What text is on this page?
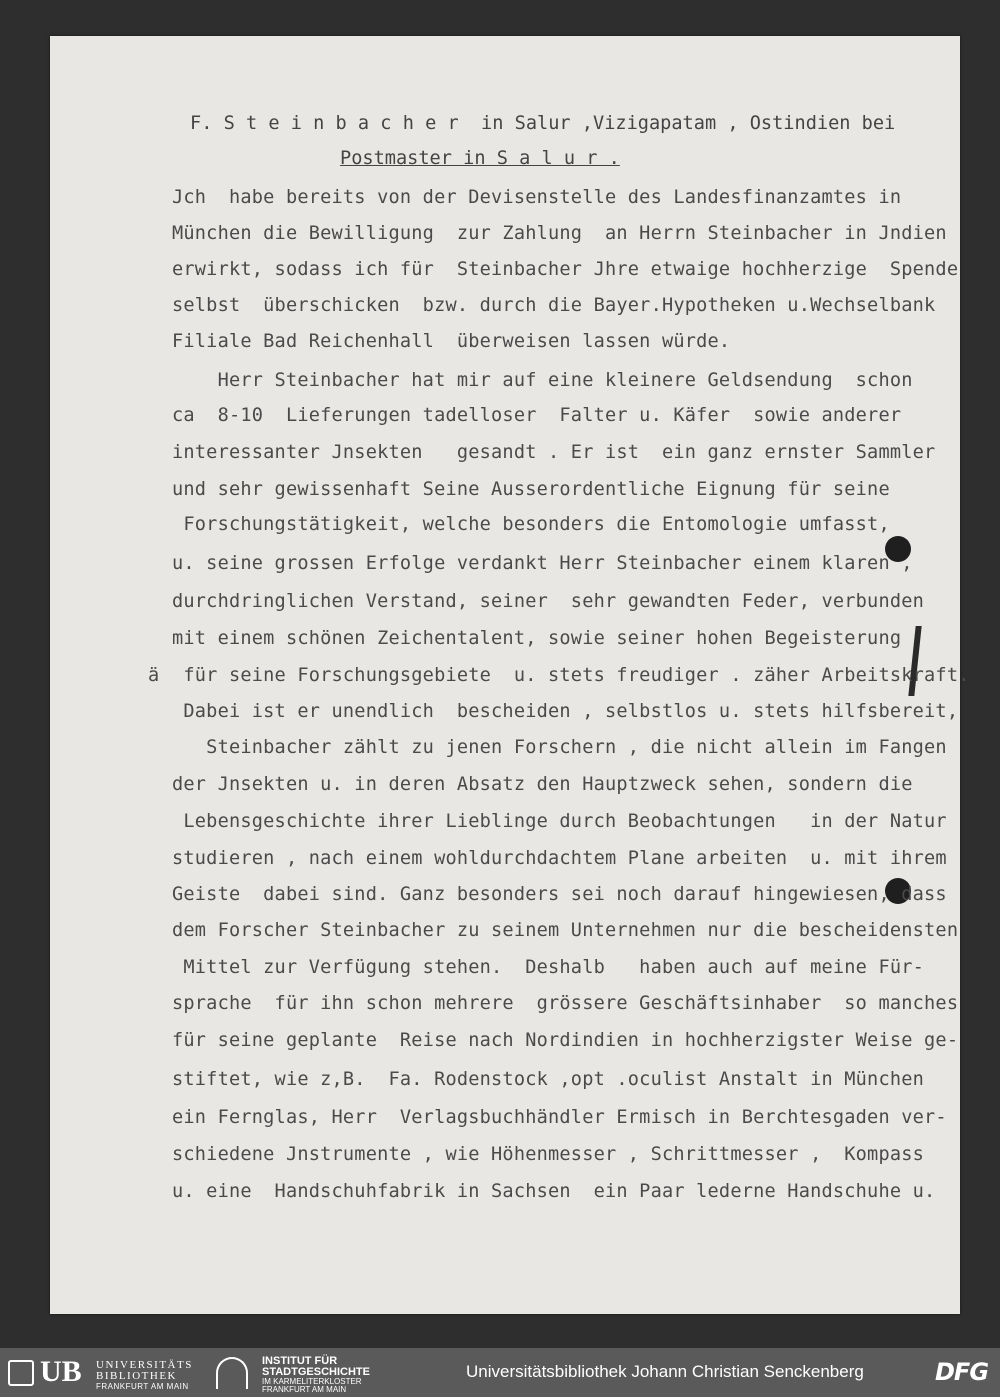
F. S t e i n b a c h e r  in Salur ,Vizigapatam , Ostindien bei
Postmaster in S a l u r .
Jch  habe bereits von der Devisenstelle des Landesfinanzamtes in
München die Bewilligung  zur Zahlung  an Herrn Steinbacher in Jndien
erwirkt, sodass ich für  Steinbacher Jhre etwaige hochherzige  Spende
selbst  überschicken  bzw. durch die Bayer.Hypotheken u.Wechselbank
Filiale Bad Reichenhall  überweisen lassen würde.
Herr Steinbacher hat mir auf eine kleinere Geldsendung  schon
ca  8-10  Lieferungen tadelloser  Falter u. Käfer  sowie anderer
interessanter Jnsekten   gesandt . Er ist  ein ganz ernster Sammler
und sehr gewissenhaft Seine Ausserordentliche Eignung für seine
Forschungstätigkeit, welche besonders die Entomologie umfasst,
u. seine grossen Erfolge verdankt Herr Steinbacher einem klaren ,
durchdringlichen Verstand, seiner  sehr gewandten Feder, verbunden
mit einem schönen Zeichentalent, sowie seiner hohen Begeisterung
für seine Forschungsgebiete  u. stets freudiger . zäher Arbeitskraft.
Dabei ist er unendlich  bescheiden , selbstlos u. stets hilfsbereit,
Steinbacher zählt zu jenen Forschern , die nicht allein im Fangen
der Jnsekten u. in deren Absatz den Hauptzweck sehen, sondern die
Lebensgeschichte ihrer Lieblinge durch Beobachtungen   in der Natur
studieren , nach einem wohldurchdachtem Plane arbeiten  u. mit ihrem
Geiste  dabei sind. Ganz besonders sei noch darauf hingewiesen, dass
dem Forscher Steinbacher zu seinem Unternehmen nur die bescheidensten
Mittel zur Verfügung stehen.  Deshalb   haben auch auf meine Für-
sprache  für ihn schon mehrere  grössere Geschäftsinhaber  so manches
für seine geplante  Reise nach Nordindien in hochherzigster Weise ge-
stiftet, wie z,B.  Fa. Rodenstock ,opt .oculist Anstalt in München
ein Fernglas, Herr  Verlagsbuchhändler Ermisch in Berchtesgaden ver-
schiedene Jnstrumente , wie Höhenmesser , Schrittmesser ,  Kompass
u. eine  Handschuhfabrik in Sachsen  ein Paar lederne Handschuhe u.
ä
UB UNIVERSITÄTS
BIBLIOTHEK
FRANKFURT AM MAIN
INSTITUT FÜR
STADTGESCHICHTE
IM KARMELITERKLOSTER
FRANKFURT AM MAIN
Universitätsbibliothek Johann Christian Senckenberg	DFG
